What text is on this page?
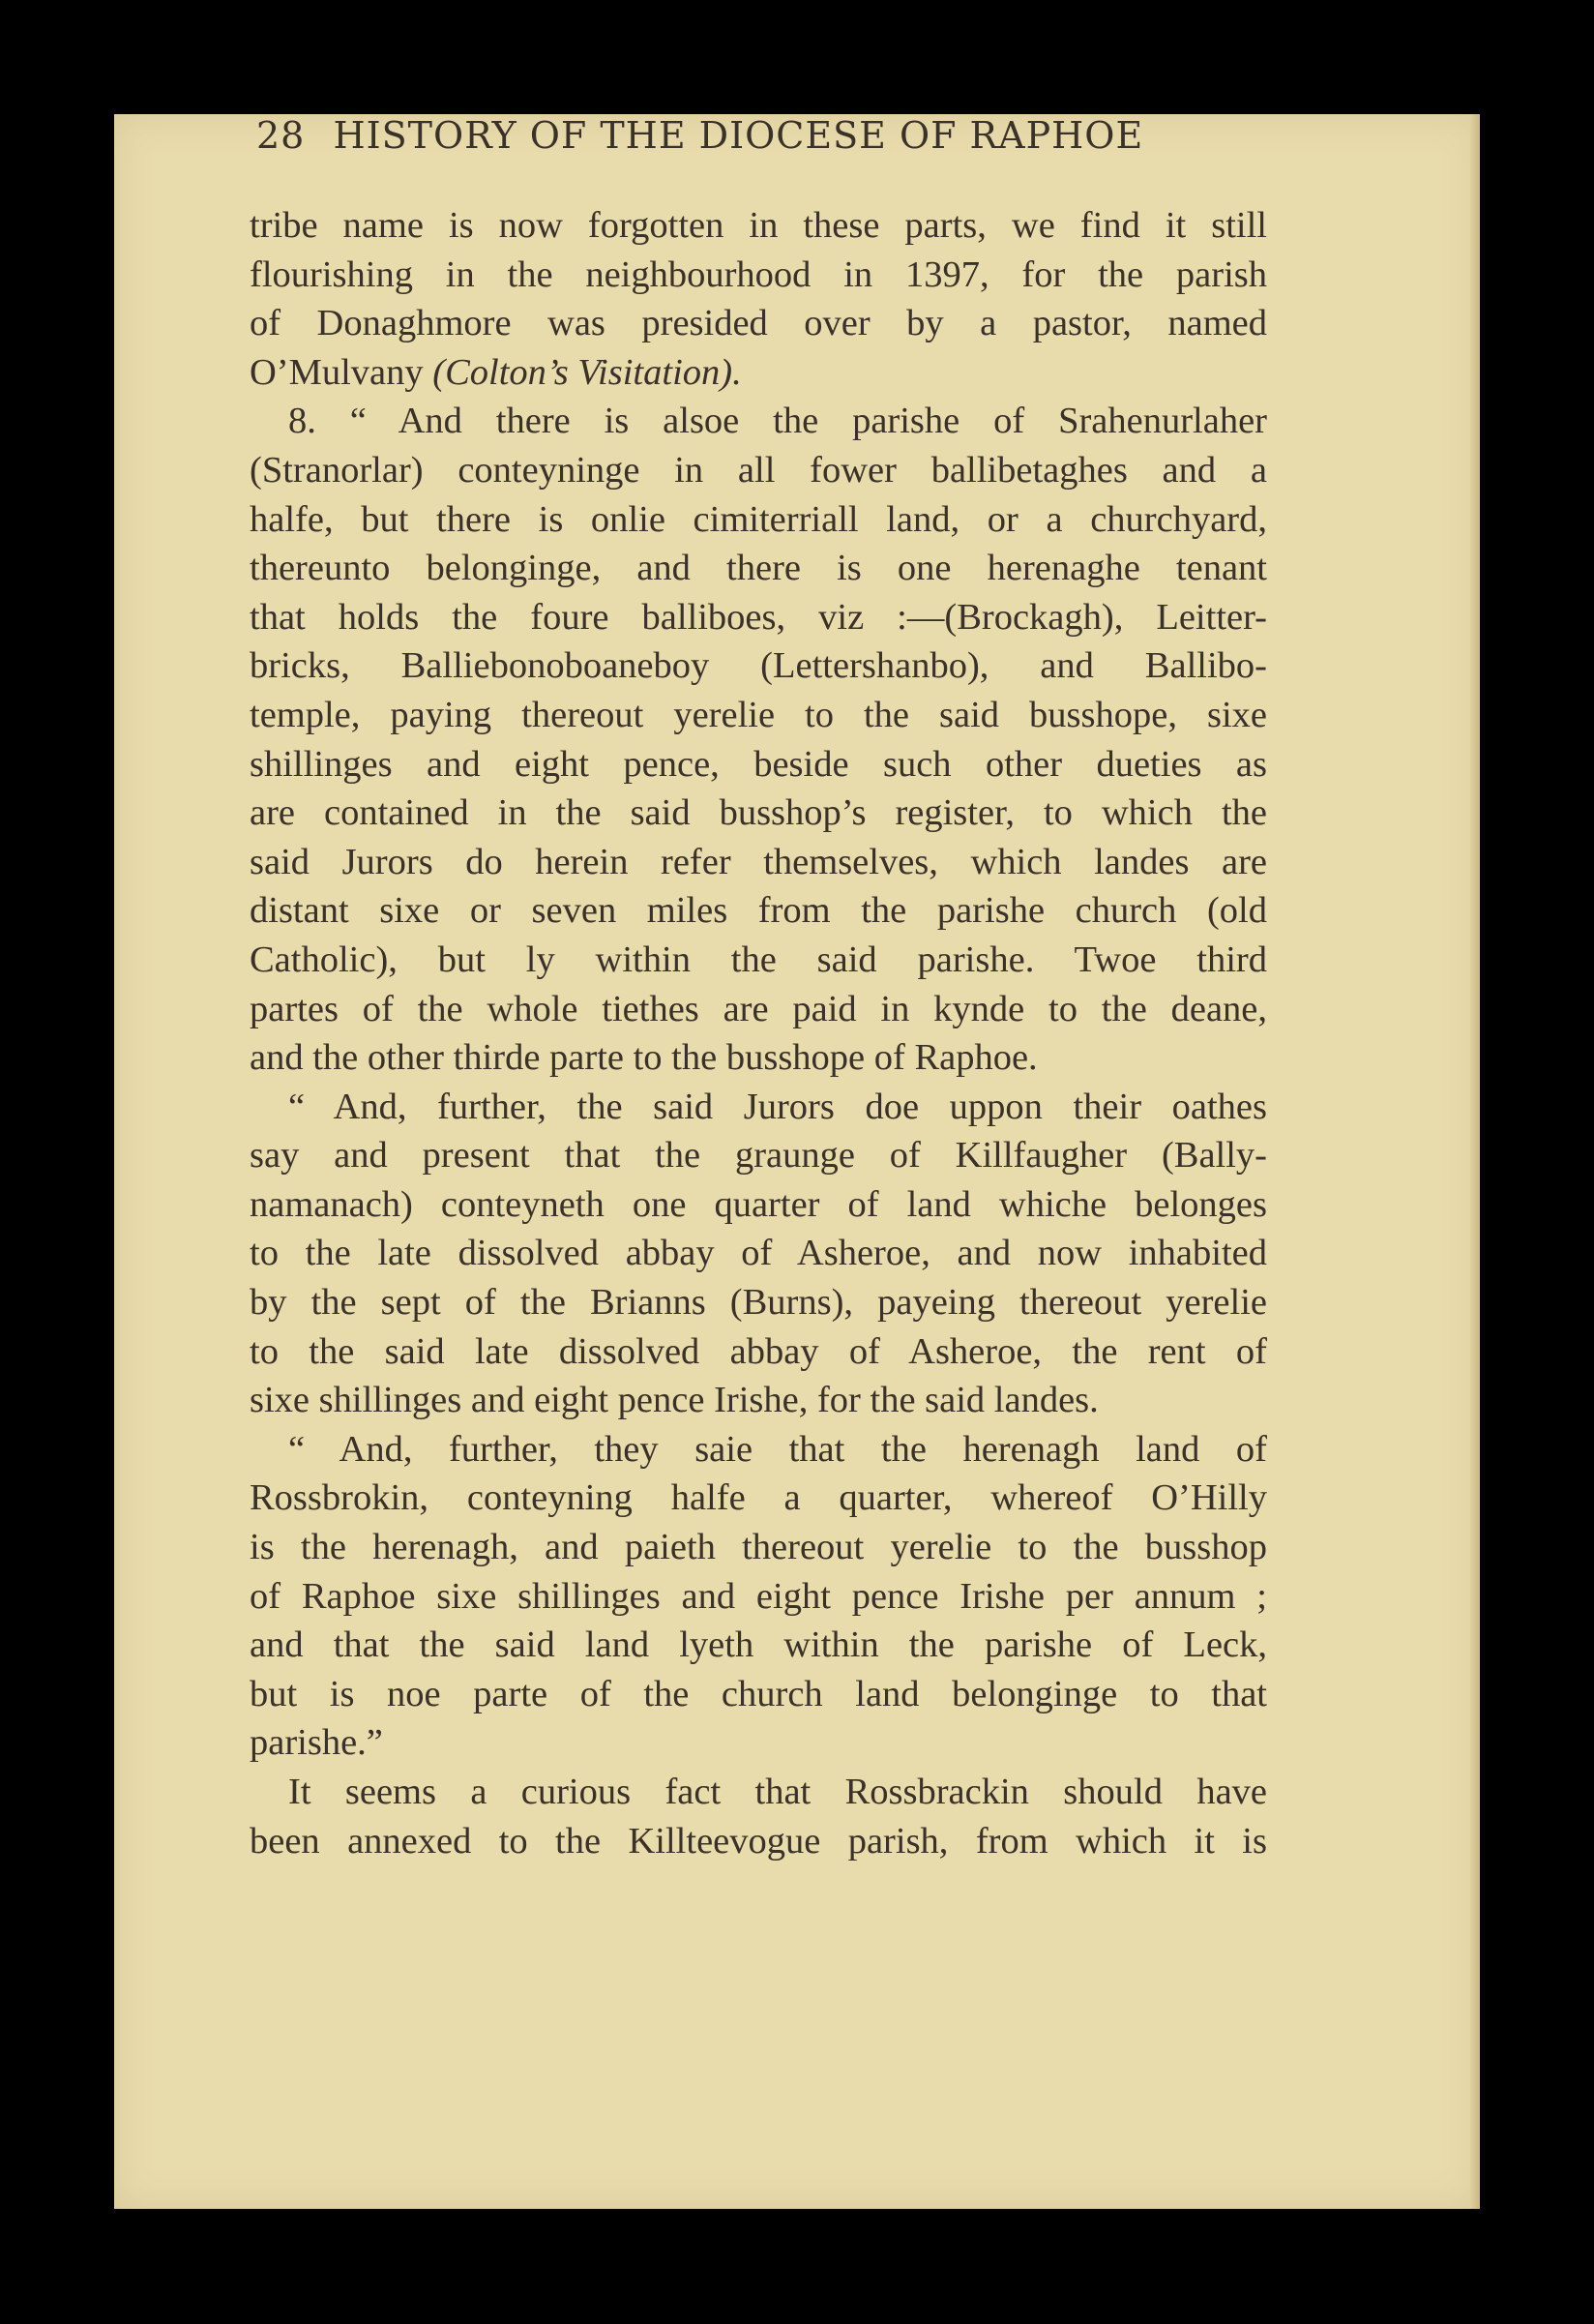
28 HISTORY OF THE DIOCESE OF RAPHOE
tribe name is now forgotten in these parts, we find it still
flourishing in the neighbourhood in 1397, for the parish
of Donaghmore was presided over by a pastor, named
O’Mulvany (Colton’s Visitation).
8. “ And there is alsoe the parishe of Srahenurlaher
(Stranorlar) conteyninge in all fower ballibetaghes and a
halfe, but there is onlie cimiterriall land, or a churchyard,
thereunto belonginge, and there is one herenaghe tenant
that holds the foure balliboes, viz :—(Brockagh), Leitter-
bricks, Balliebonoboaneboy (Lettershanbo), and Ballibo-
temple, paying thereout yerelie to the said busshope, sixe
shillinges and eight pence, beside such other dueties as
are contained in the said busshop’s register, to which the
said Jurors do herein refer themselves, which landes are
distant sixe or seven miles from the parishe church (old
Catholic), but ly within the said parishe. Twoe third
partes of the whole tiethes are paid in kynde to the deane,
and the other thirde parte to the busshope of Raphoe.
“ And, further, the said Jurors doe uppon their oathes
say and present that the graunge of Killfaugher (Bally-
namanach) conteyneth one quarter of land whiche belonges
to the late dissolved abbay of Asheroe, and now inhabited
by the sept of the Brianns (Burns), payeing thereout yerelie
to the said late dissolved abbay of Asheroe, the rent of
sixe shillinges and eight pence Irishe, for the said landes.
“ And, further, they saie that the herenagh land of
Rossbrokin, conteyning halfe a quarter, whereof O’Hilly
is the herenagh, and paieth thereout yerelie to the busshop
of Raphoe sixe shillinges and eight pence Irishe per annum ;
and that the said land lyeth within the parishe of Leck,
but is noe parte of the church land belonginge to that
parishe.”
It seems a curious fact that Rossbrackin should have
been annexed to the Killteevogue parish, from which it is
